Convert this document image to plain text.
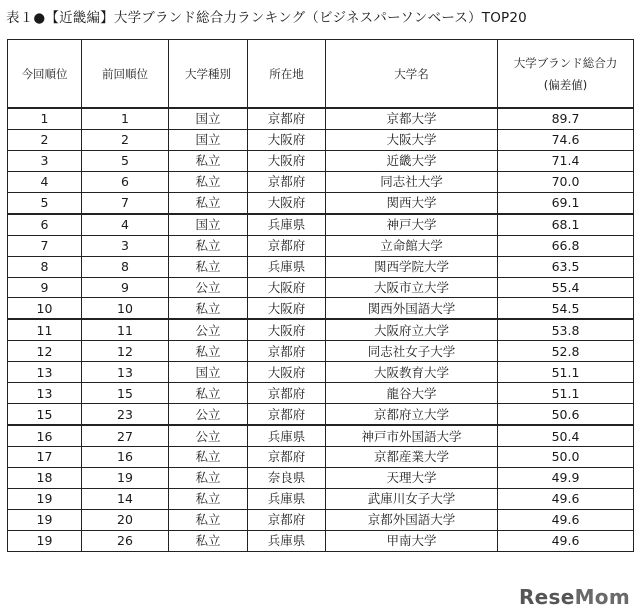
表１●【近畿編】大学ブランド総合力ランキング（ビジネスパーソンベース）TOP20
今回順位	前回順位	大学種別	所在地	大学名	大学ブランド総合力
(偏差値)

1	1	国立	京都府	京都大学	89.7
2	2	国立	大阪府	大阪大学	74.6
3	5	私立	大阪府	近畿大学	71.4
4	6	私立	京都府	同志社大学	70.0
5	7	私立	大阪府	関西大学	69.1
6	4	国立	兵庫県	神戸大学	68.1
7	3	私立	京都府	立命館大学	66.8
8	8	私立	兵庫県	関西学院大学	63.5
9	9	公立	大阪府	大阪市立大学	55.4
10	10	私立	大阪府	関西外国語大学	54.5
11	11	公立	大阪府	大阪府立大学	53.8
12	12	私立	京都府	同志社女子大学	52.8
13	13	国立	大阪府	大阪教育大学	51.1
13	15	私立	京都府	龍谷大学	51.1
15	23	公立	京都府	京都府立大学	50.6
16	27	公立	兵庫県	神戸市外国語大学	50.4
17	16	私立	京都府	京都産業大学	50.0
18	19	私立	奈良県	天理大学	49.9
19	14	私立	兵庫県	武庫川女子大学	49.6
19	20	私立	京都府	京都外国語大学	49.6
19	26	私立	兵庫県	甲南大学	49.6
ReseMom
